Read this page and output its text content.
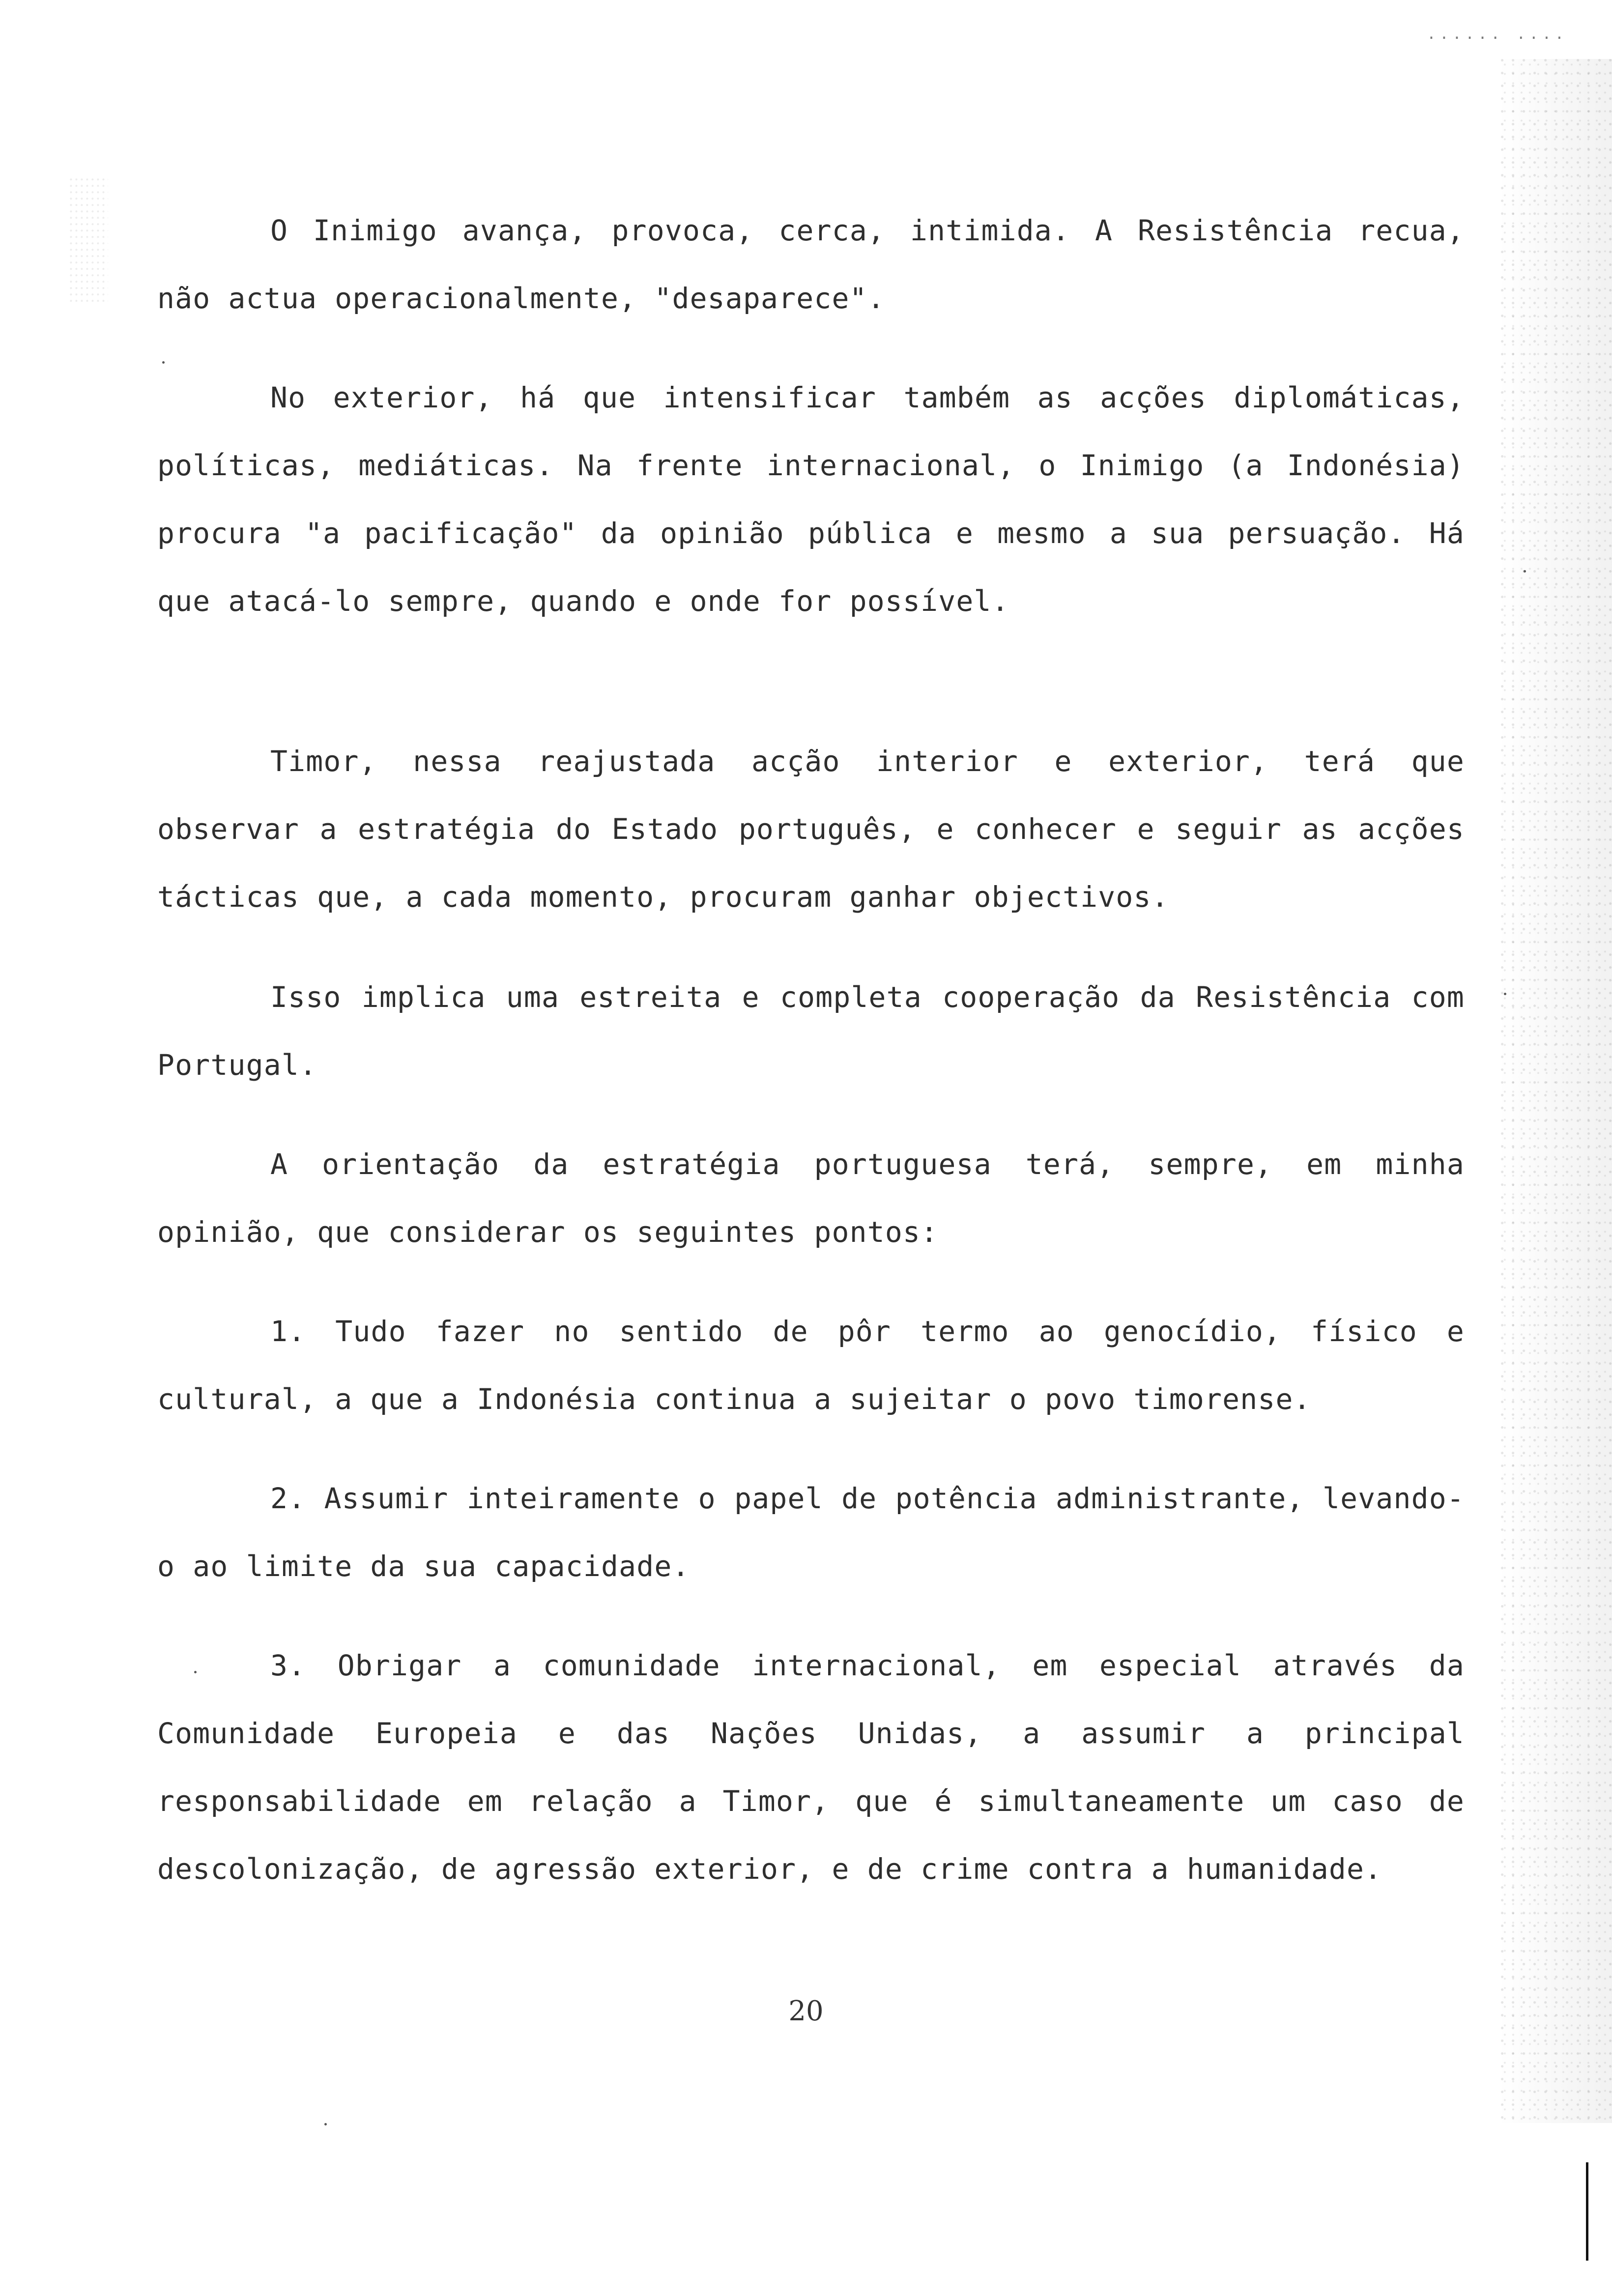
...... ....

O Inimigo avança, provoca, cerca, intimida. A Resistência recua, não actua operacionalmente, "desaparece".

No exterior, há que intensificar também as acções diplomáticas, políticas, mediáticas. Na frente internacional, o Inimigo (a Indonésia) procura "a pacificação" da opinião pública e mesmo a sua persuação. Há que atacá-lo sempre, quando e onde for possível.

Timor, nessa reajustada acção interior e exterior, terá que observar a estratégia do Estado português, e conhecer e seguir as acções tácticas que, a cada momento, procuram ganhar objectivos.

Isso implica uma estreita e completa cooperação da Resistência com Portugal.

A orientação da estratégia portuguesa terá, sempre, em minha opinião, que considerar os seguintes pontos:

1. Tudo fazer no sentido de pôr termo ao genocídio, físico e cultural, a que a Indonésia continua a sujeitar o povo timorense.

2. Assumir inteiramente o papel de potência administrante, levando-o ao limite da sua capacidade.

3. Obrigar a comunidade internacional, em especial através da Comunidade Europeia e das Nações Unidas, a assumir a principal responsabilidade em relação a Timor, que é simultaneamente um caso de descolonização, de agressão exterior, e de crime contra a humanidade.

20
